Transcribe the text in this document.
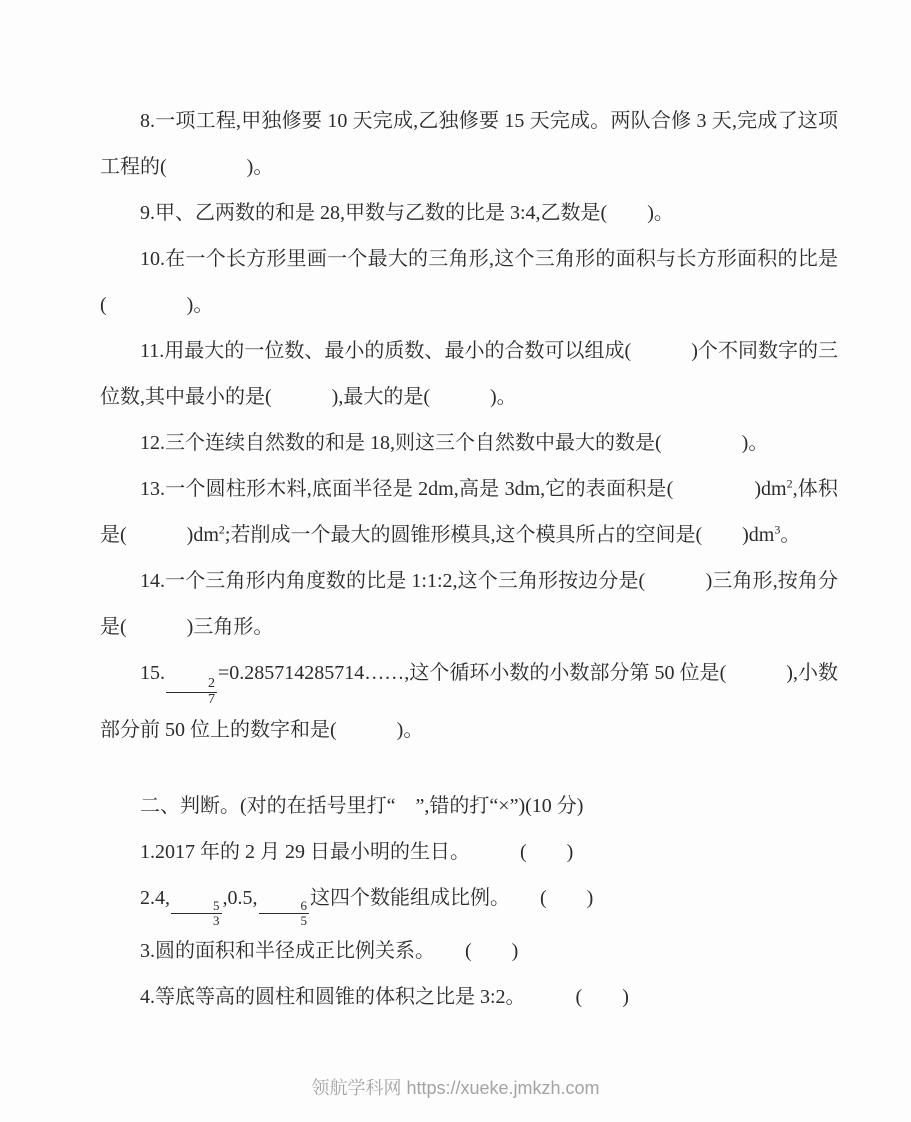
8.一项工程,甲独修要 10 天完成,乙独修要 15 天完成。两队合修 3 天,完成了这项工程的(　　　　)。

9.甲、乙两数的和是 28,甲数与乙数的比是 3:4,乙数是(　　)。

10.在一个长方形里画一个最大的三角形,这个三角形的面积与长方形面积的比是(　　　　)。

11.用最大的一位数、最小的质数、最小的合数可以组成(　　　)个不同数字的三位数,其中最小的是(　　　),最大的是(　　　)。

12.三个连续自然数的和是 18,则这三个自然数中最大的数是(　　　　)。

13.一个圆柱形木料,底面半径是 2dm,高是 3dm,它的表面积是(　　　　)$dm^2$,体积是(　　　)$dm^2$;若削成一个最大的圆锥形模具,这个模具所占的空间是(　　)$dm^3$。

14.一个三角形内角度数的比是 1:1:2,这个三角形按边分是(　　　)三角形,按角分是(　　　)三角形。

15.
$\frac{2}{7}$
=0.285714285714……,这个循环小数的小数部分第 50 位是(　　　),小数部分前 50 位上的数字和是(　　　)。

二、判断。(对的在括号里打“　”,错的打“×”)(10 分)

1.2017 年的 2 月 29 日最小明的生日。　　　(　　)

2.4,
$\frac{5}{3}$
,0.5,
$\frac{6}{5}$
这四个数能组成比例。　　(　　)

3.圆的面积和半径成正比例关系。　　(　　)

4.等底等高的圆柱和圆锥的体积之比是 3:2。　　　(　　)

领航学科网 https://xueke.jmkzh.com
